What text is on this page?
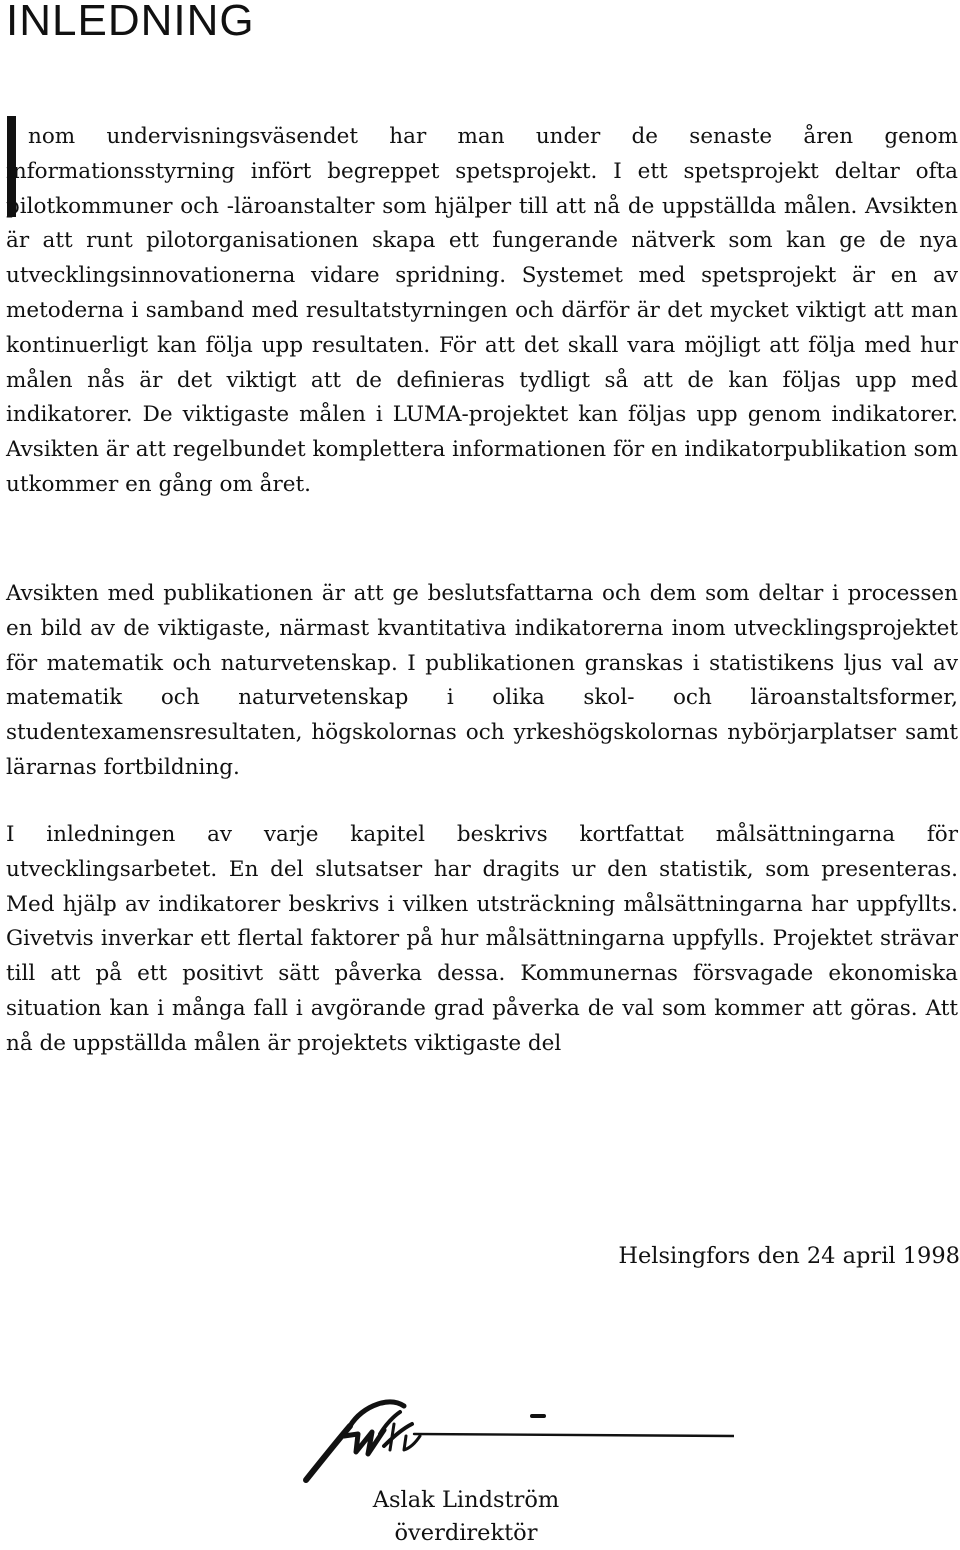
INLEDNING

nom undervisningsväsendet har man under de senaste åren genom informationsstyrning infört begreppet spetsprojekt. I ett spetsprojekt deltar ofta pilotkommuner och -läroanstalter som hjälper till att nå de uppställda målen. Avsikten är att runt pilotorganisationen skapa ett fungerande nätverk som kan ge de nya utvecklingsinnovationerna vidare spridning. Systemet med spetsprojekt är en av metoderna i samband med resultatstyrningen och därför är det mycket viktigt att man kontinuerligt kan följa upp resultaten. För att det skall vara möjligt att följa med hur målen nås är det viktigt att de definieras tydligt så att de kan följas upp med indikatorer. De viktigaste målen i LUMA-projektet kan följas upp genom indikatorer. Avsikten är att regelbundet komplettera informationen för en indikatorpublikation som utkommer en gång om året.

Avsikten med publikationen är att ge beslutsfattarna och dem som deltar i processen en bild av de viktigaste, närmast kvantitativa indikatorerna inom utvecklingsprojektet för matematik och naturvetenskap. I publikationen granskas i statistikens ljus val av matematik och naturvetenskap i olika skol- och läroanstaltsformer, studentexamensresultaten, högskolornas och yrkeshögskolornas nybörjarplatser samt lärarnas fortbildning.

I inledningen av varje kapitel beskrivs kortfattat målsättningarna för utvecklingsarbetet. En del slutsatser har dragits ur den statistik, som presenteras. Med hjälp av indikatorer beskrivs i vilken utsträckning målsättningarna har uppfyllts. Givetvis inverkar ett flertal faktorer på hur målsättningarna uppfylls. Projektet strävar till att på ett positivt sätt påverka dessa. Kommunernas försvagade ekonomiska situation kan i många fall i avgörande grad påverka de val som kommer att göras. Att nå de uppställda målen är projektets viktigaste del

Helsingfors den 24 april 1998

Aslak Lindström

överdirektör
